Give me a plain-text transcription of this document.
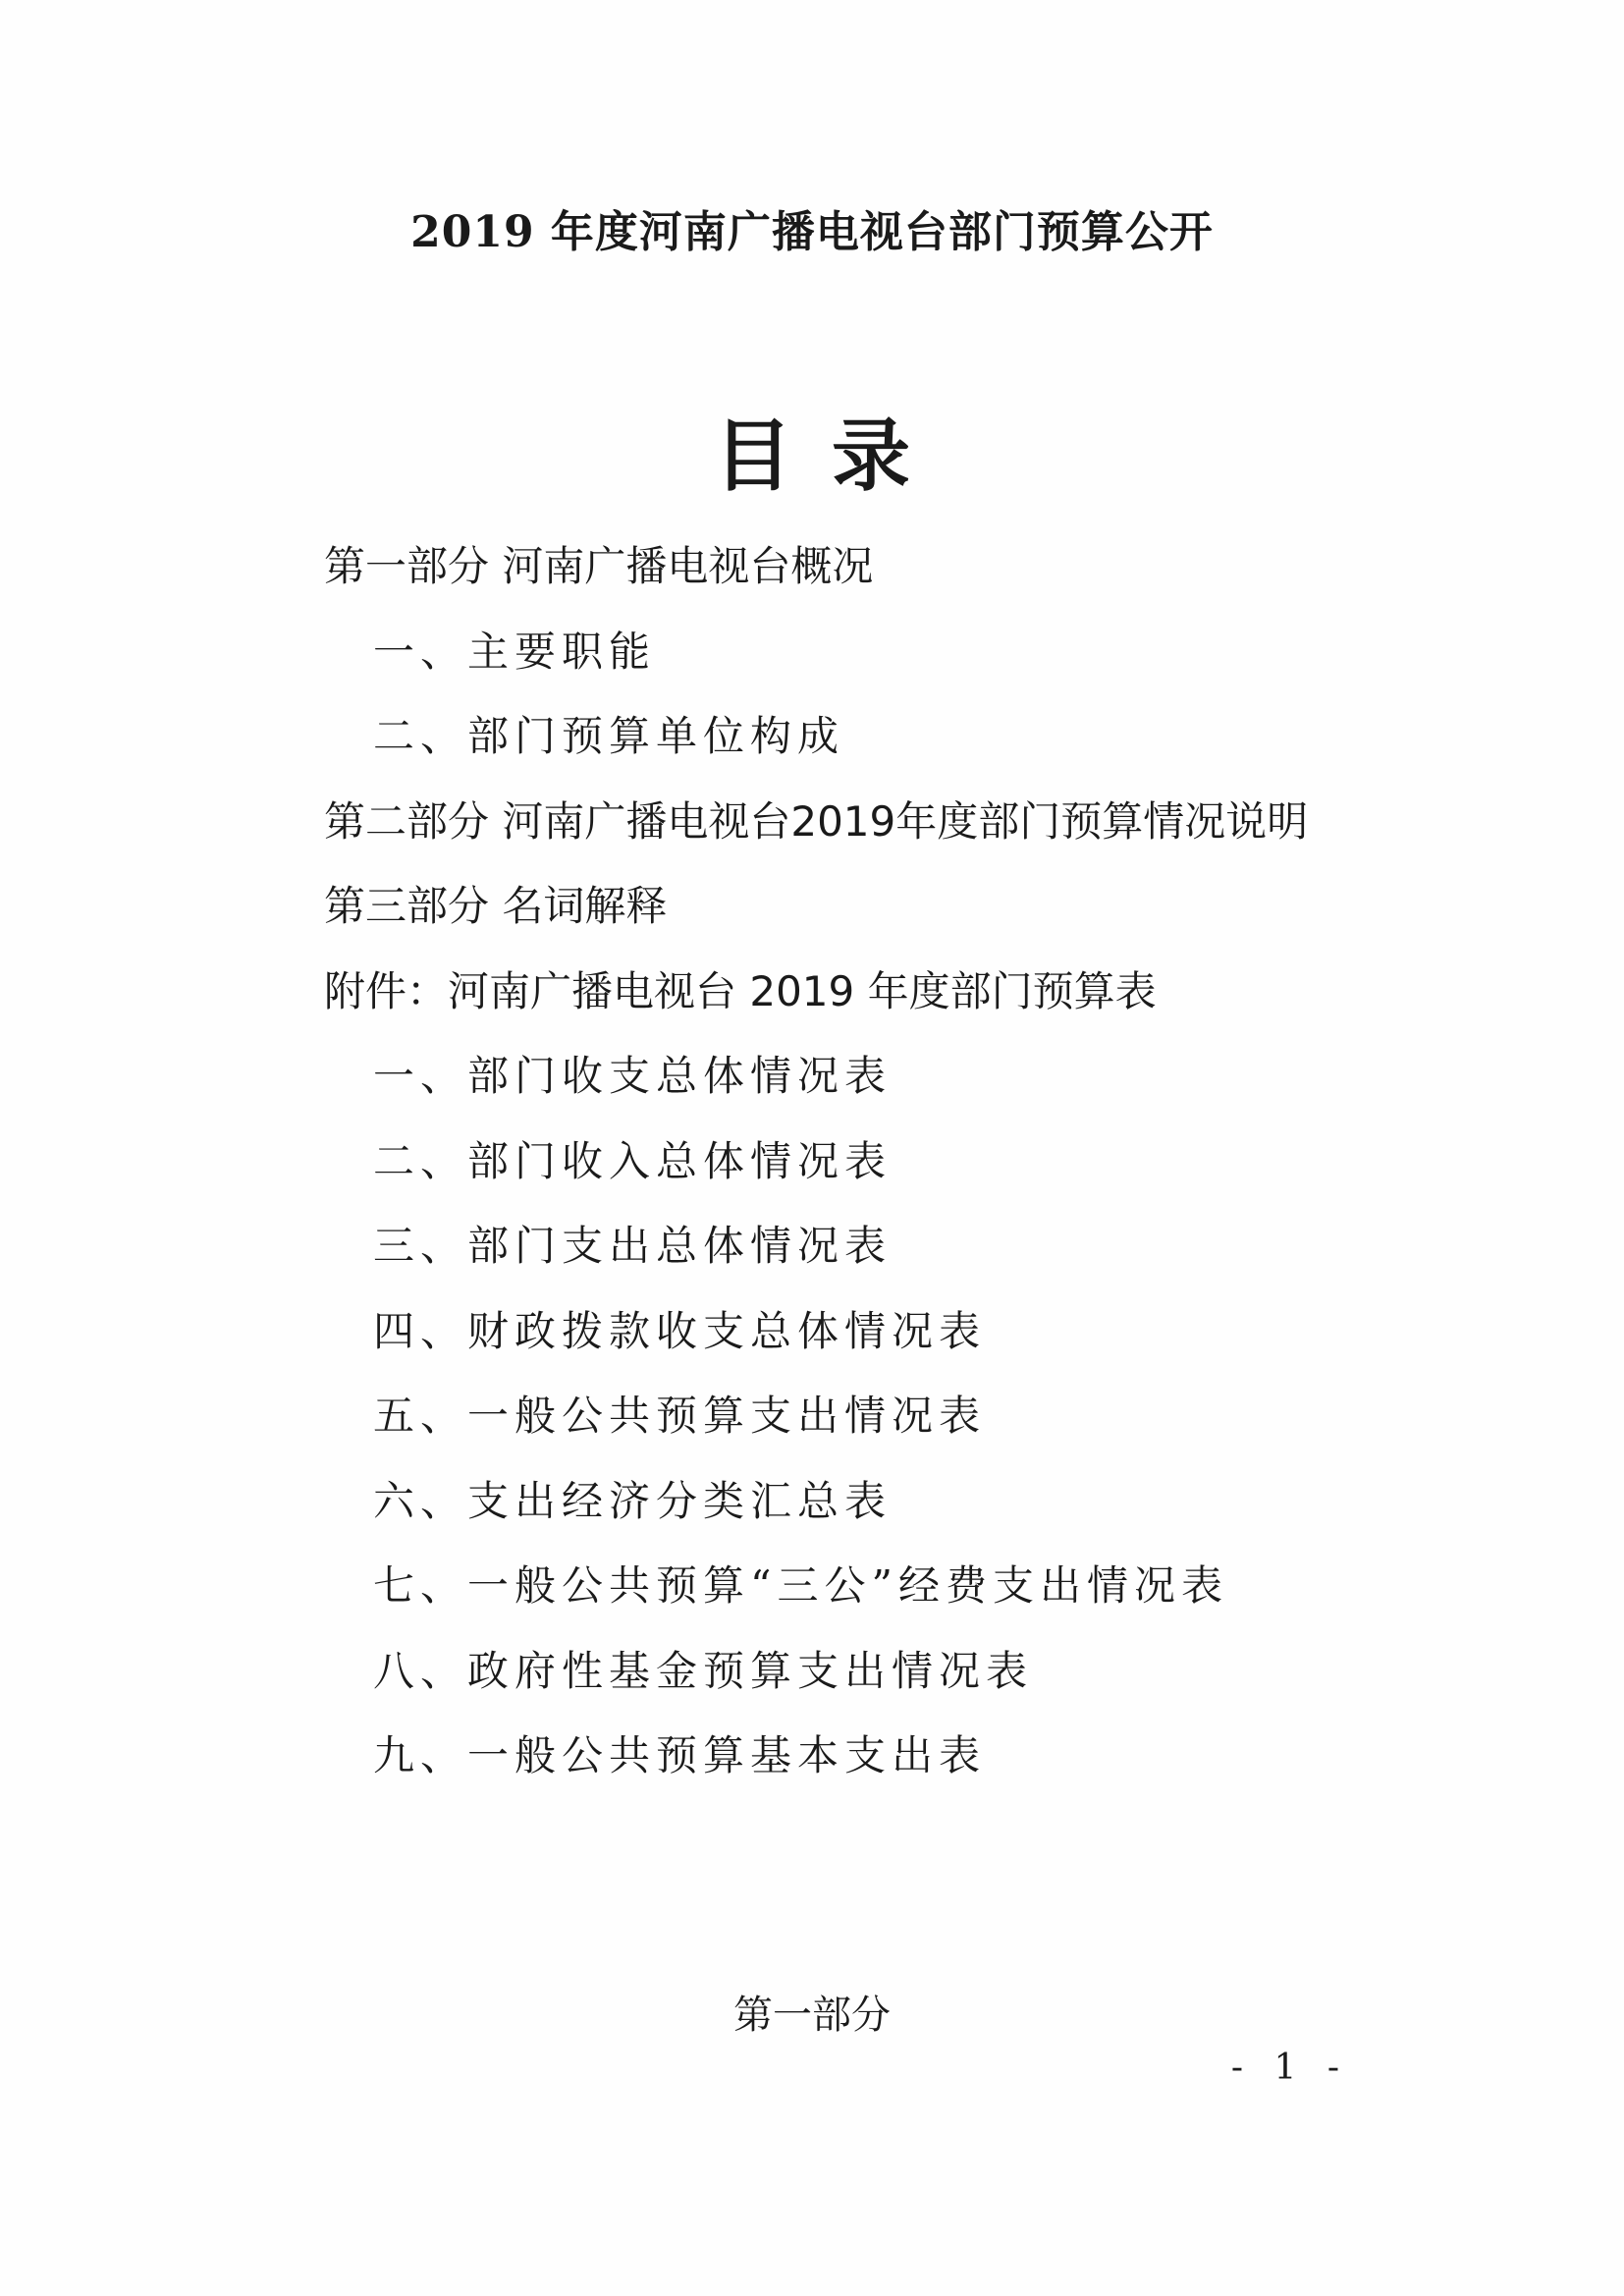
2019 年度河南广播电视台部门预算公开
目录
第一部分 河南广播电视台概况
一、主要职能
二、部门预算单位构成
第二部分 河南广播电视台2019年度部门预算情况说明
第三部分 名词解释
附件：河南广播电视台 2019 年度部门预算表
一、部门收支总体情况表
二、部门收入总体情况表
三、部门支出总体情况表
四、财政拨款收支总体情况表
五、一般公共预算支出情况表
六、支出经济分类汇总表
七、一般公共预算“三公”经费支出情况表
八、政府性基金预算支出情况表
九、一般公共预算基本支出表
第一部分
- 1 -
